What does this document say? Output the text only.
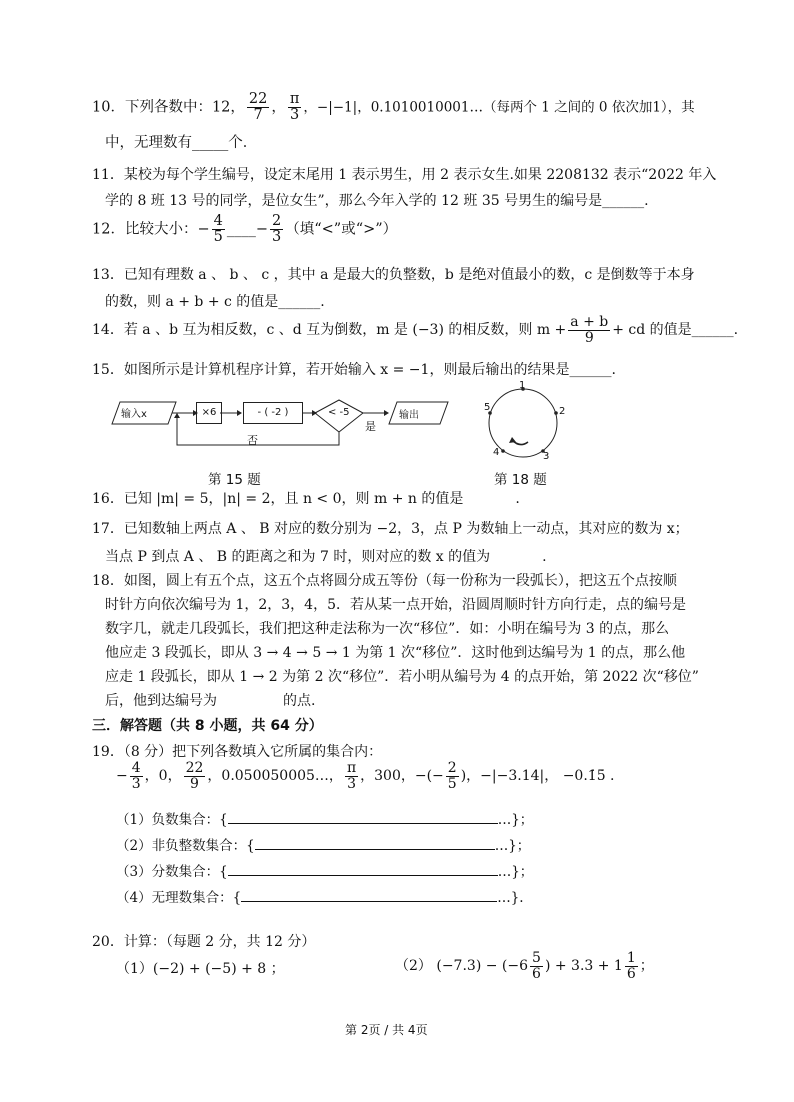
10．下列各数中：12， $\frac{22}{7}$ ， $\frac{\pi}{3}$ ，−|−1|，0.1010010001…（每两个 1 之间的 0 依次加1），其
中，无理数有_____个．
11．某校为每个学生编号，设定末尾用 1 表示男生，用 2 表示女生.如果 2208132 表示“2022 年入
学的 8 班 13 号的同学，是位女生”，那么今年入学的 12 班 35 号男生的编号是______.
12．比较大小：− $\frac{4}{5}$ ____− $\frac{2}{3}$ （填“<”或“>”）
13．已知有理数 a 、 b 、 c ，其中 a 是最大的负整数，b 是绝对值最小的数，c 是倒数等于本身
的数，则 a + b + c 的值是______.
14．若 a 、b 互为相反数，c 、d 互为倒数，m 是 (−3) 的相反数，则 $m + \frac{a + b}{9}$ + cd 的值是______.
15．如图所示是计算机程序计算，若开始输入 x = −1，则最后输出的结果是______.
输入x	×6	- ( -2 )	< -5
是
输出
否
1
2
3
4
5
第 15 题	第 18 题
16．已知 |m| = 5，|n| = 2，且 n < 0，则 m + n 的值是	.
17．已知数轴上两点 A 、 B 对应的数分别为 −2，3，点 P 为数轴上一动点，其对应的数为 x；
当点 P 到点 A 、 B 的距离之和为 7 时，则对应的数 x 的值为	.
18．如图，圆上有五个点，这五个点将圆分成五等份（每一份称为一段弧长），把这五个点按顺
时针方向依次编号为 1，2，3，4，5．若从某一点开始，沿圆周顺时针方向行走，点的编号是
数字几，就走几段弧长，我们把这种走法称为一次“移位”．如：小明在编号为 3 的点，那么
他应走 3 段弧长，即从 3 → 4 → 5 → 1 为第 1 次“移位”．这时他到达编号为 1 的点，那么他
应走 1 段弧长，即从 1 → 2 为第 2 次“移位”．若小明从编号为 4 的点开始，第 2022 次“移位”
后，他到达编号为	的点.
三．解答题（共 8 小题，共 64 分）
19．（8 分）把下列各数填入它所属的集合内：
− $\frac{4}{3}$ ，0， $\frac{22}{9}$ ，0.050050005…， $\frac{\pi}{3}$ ，300，−(− $\frac{2}{5}$ )，−|−3.14|， −0.1̇5̇ .
（1）负数集合：{	…}；
（2）非负整数集合：{	…}；
（3）分数集合：{	…}；
（4）无理数集合：{	…}.
20．计算：（每题 2 分，共 12 分）
（1）(−2) + (−5) + 8 ；	（2） $(-7.3) - (-6 \frac{5}{6}$ ) + $3.3 + 1 \frac{1}{6}$ ；
第 2页 / 共 4页
